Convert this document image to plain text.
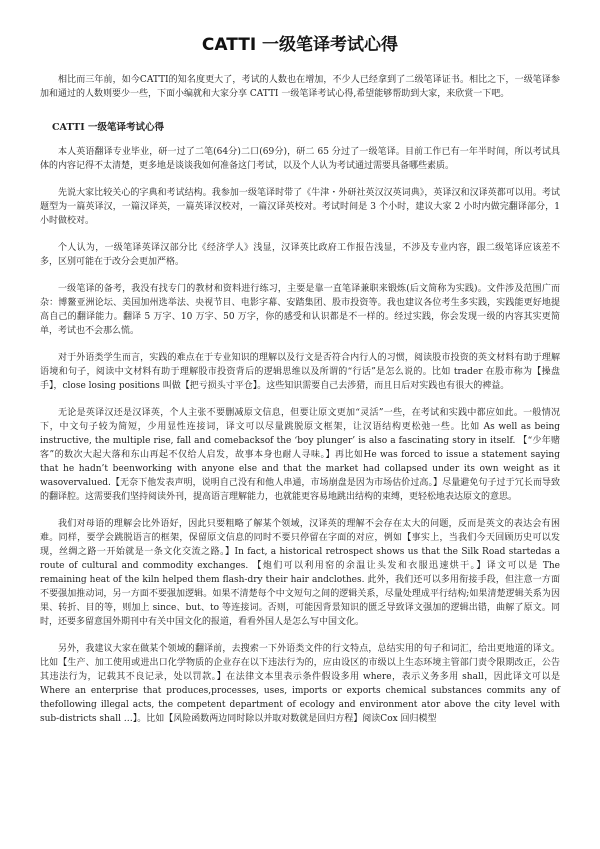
CATTI 一级笔译考试心得

相比而三年前，如今CATTI的知名度更大了，考试的人数也在增加，不少人已经拿到了二级笔译证书。相比之下，一级笔译参加和通过的人数则要少一些，下面小编就和大家分享 CATTI 一级笔译考试心得,希望能够帮助到大家，来欣赏一下吧。

CATTI 一级笔译考试心得

本人英语翻译专业毕业，研一过了二笔(64分)二口(69分)，研二 65 分过了一级笔译。目前工作已有一年半时间，所以考试具体的内容记得不太清楚，更多地是谈谈我如何准备这门考试，以及个人认为考试通过需要具备哪些素质。

先说大家比较关心的字典和考试结构。我参加一级笔译时带了《牛津・外研社英汉汉英词典》，英译汉和汉译英都可以用。考试题型为一篇英译汉，一篇汉译英，一篇英译汉校对，一篇汉译英校对。考试时间是 3 个小时，建议大家 2 小时内做完翻译部分，1 小时做校对。

个人认为，一级笔译英译汉部分比《经济学人》浅显，汉译英比政府工作报告浅显，不涉及专业内容，跟二级笔译应该差不多，区别可能在于改分会更加严格。

一级笔译的备考，我没有找专门的教材和资料进行练习，主要是靠一直笔译兼职来锻炼(后文简称为实践)。文件涉及范围广而杂：博鳌亚洲论坛、美国加州选举法、央视节目、电影字幕、安踏集团、股市投资等。我也建议各位考生多实践，实践能更好地提高自己的翻译能力。翻译 5 万字、10 万字、50 万字，你的感受和认识都是不一样的。经过实践，你会发现一级的内容其实更简单，考试也不会那么慌。

对于外语类学生而言，实践的难点在于专业知识的理解以及行文是否符合内行人的习惯，阅读股市投资的英文材料有助于理解语境和句子，阅读中文材料有助于理解股市投资背后的逻辑思维以及所谓的“行话”是怎么说的。比如 trader 在股市称为【操盘手】，close losing positions 叫做【把亏损头寸平仓】。这些知识需要自己去涉猎，而且日后对实践也有很大的裨益。

无论是英译汉还是汉译英，个人主张不要删减原文信息，但要让原文更加“灵活”一些，在考试和实践中都应如此。一般情况下，中文句子较为简短，少用显性连接词，译文可以尽量跳脱原文框架，让汉语结构更松弛一些。比如 As well as being instructive, the multiple rise, fall and comebacksof the ‘boy plunger’ is also a fascinating story in itself. 【“少年赌客”的数次大起大落和东山再起不仅给人启发，故事本身也耐人寻味。】再比如He was forced to issue a statement saying that he hadn’t beenworking with anyone else and that the market had collapsed under its own weight as it wasovervalued.【无奈下他发表声明，说明自己没有和他人串通，市场崩盘是因为市场估价过高。】尽量避免句子过于冗长而导致的翻译腔。这需要我们坚持阅读外刊，提高语言理解能力，也就能更容易地跳出结构的束缚，更轻松地表达原文的意思。

我们对母语的理解会比外语好，因此只要粗略了解某个领域，汉译英的理解不会存在太大的问题，反而是英文的表达会有困难。同样，要学会跳脱语言的框架，保留原文信息的同时不要只停留在字面的对应，例如【事实上，当我们今天回顾历史可以发现，丝绸之路一开始就是一条文化交流之路。】In fact, a historical retrospect shows us that the Silk Road startedas a route of cultural and commodity exchanges. 【炮们可以利用窑的余温让头发和衣服迅速烘干。】译文可以是 The remaining heat of the kiln helped them flash-dry their hair andclothes. 此外，我们还可以多用衔接手段，但注意一方面不要强加推动词，另一方面不要强加逻辑。如果不清楚每个中文短句之间的逻辑关系，尽量处理成平行结构;如果清楚逻辑关系为因果、转折、目的等，则加上 since、but、to 等连接词。否则，可能因背景知识的匮乏导致译文强加的逻辑出错，曲解了原文。同时，还要多留意国外期刊中有关中国文化的报道，看看外国人是怎么写中国文化。

另外，我建议大家在做某个领域的翻译前，去搜索一下外语类文件的行文特点，总结实用的句子和词汇，给出更地道的译文。比如【生产、加工使用或进出口化学物质的企业存在以下违法行为的，应由设区的市级以上生态环境主管部门责令限期改正，公告其违法行为，记载其不良记录，处以罚款。】在法律文本里表示条件假设多用 where，表示义务多用 shall，因此译文可以是 Where an enterprise that produces,processes, uses, imports or exports chemical substances commits any of thefollowing illegal acts, the competent department of ecology and environment ator above the city level with sub-districts shall …】。比如【风险函数两边同时除以并取对数就是回归方程】阅读Cox 回归模型
